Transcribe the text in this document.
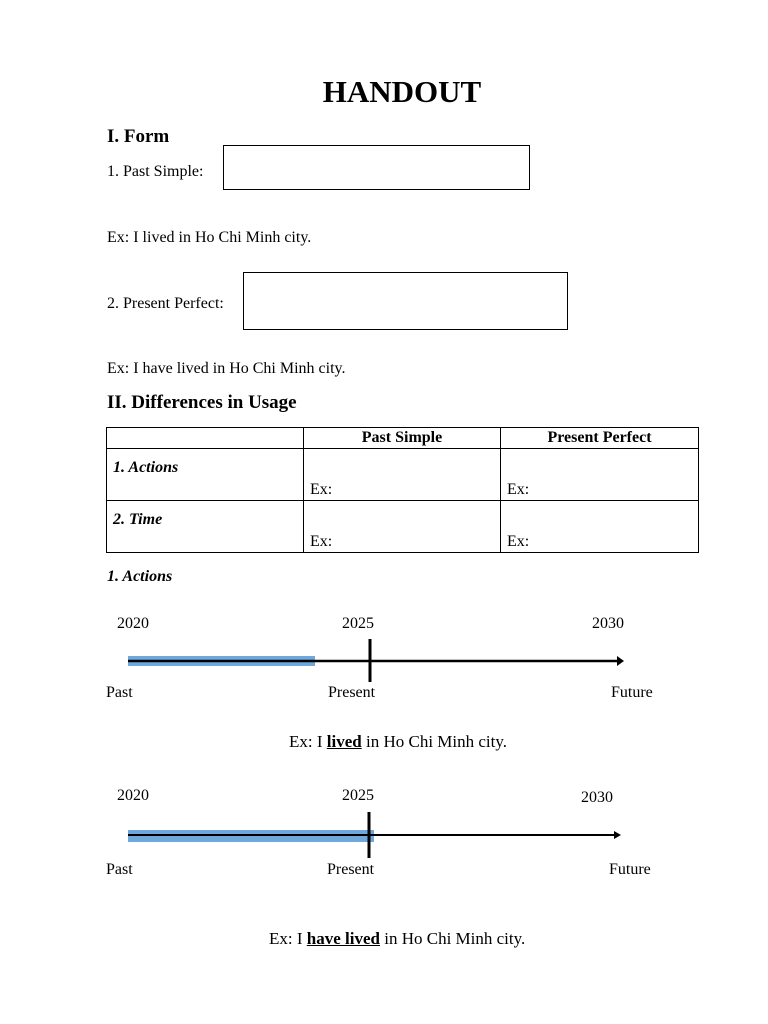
HANDOUT
I. Form
1. Past Simple:
Ex: I lived in Ho Chi Minh city.
2. Present Perfect:
Ex: I have lived in Ho Chi Minh city.
II. Differences in Usage
	Past Simple	Present Perfect
1. Actions	Ex:	Ex:
2. Time	Ex:	Ex:
1. Actions
2020	2025	2030
Past	Present	Future
Ex: I lived in Ho Chi Minh city.
2020	2025	2030
Past	Present	Future
Ex: I have lived in Ho Chi Minh city.
